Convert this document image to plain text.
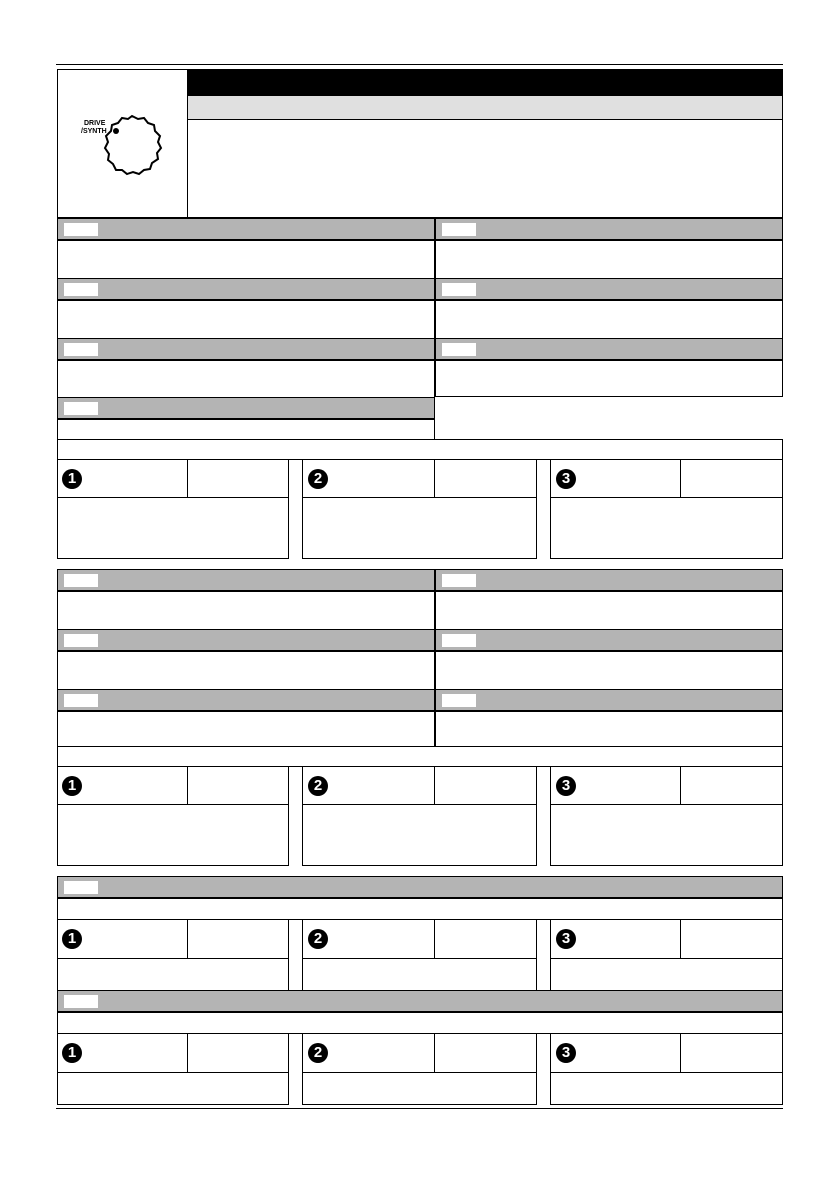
DRIVE
/SYNTH
1	2	3
1	2	3
1	2	3
1	2	3
